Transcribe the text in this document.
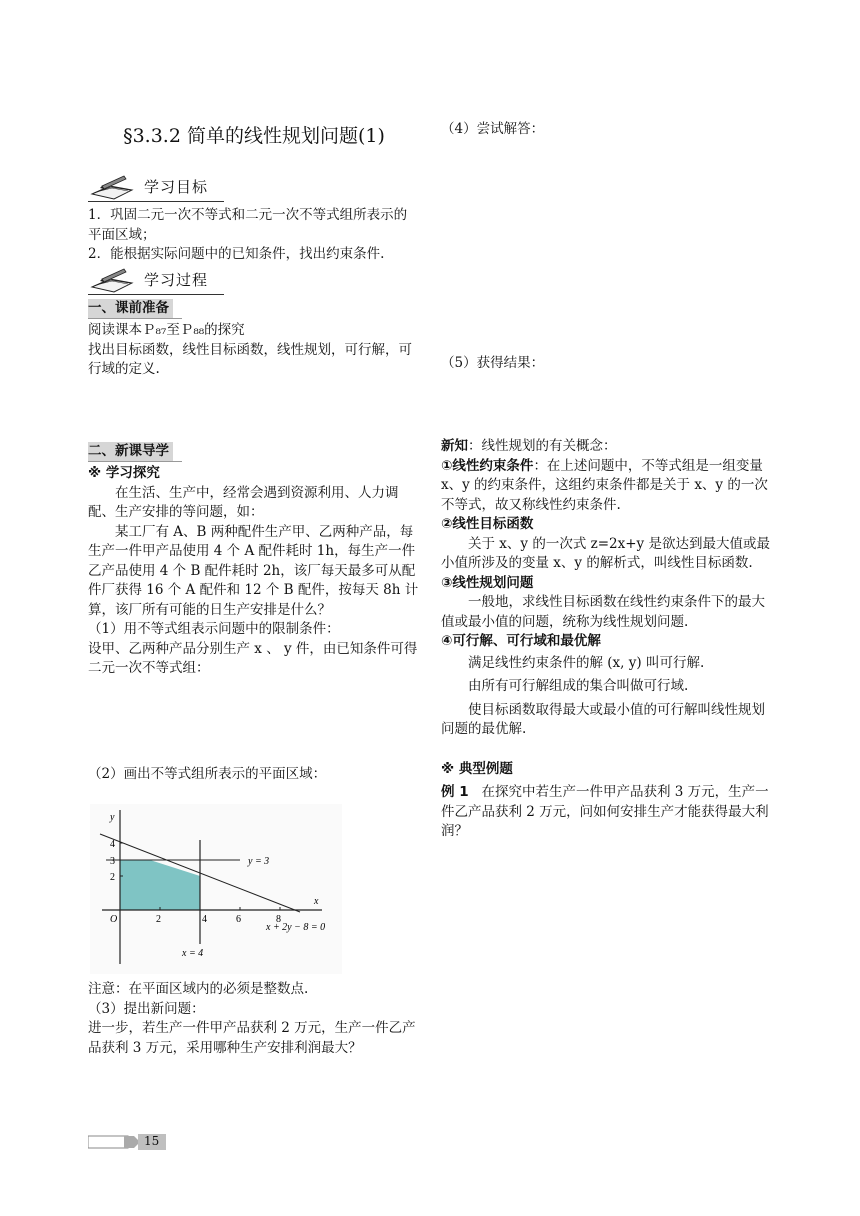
§3.3.2 简单的线性规划问题(1)
学习目标

1．巩固二元一次不等式和二元一次不等式组所表示的平面区域；

2．能根据实际问题中的已知条件，找出约束条件.

学习过程
一、课前准备

阅读课本Ｐ₈₇至Ｐ₈₈的探究

找出目标函数，线性目标函数，线性规划，可行解，可行域的定义.

二、新课导学

※ 学习探究

在生活、生产中，经常会遇到资源利用、人力调配、生产安排的等问题，如：

某工厂有 A、B 两种配件生产甲、乙两种产品，每生产一件甲产品使用 4 个 A 配件耗时 1h，每生产一件乙产品使用 4 个 B 配件耗时 2h，该厂每天最多可从配件厂获得 16 个 A 配件和 12 个 B 配件，按每天 8h 计算，该厂所有可能的日生产安排是什么？

（1）用不等式组表示问题中的限制条件：

设甲、乙两种产品分别生产 x 、 y 件，由已知条件可得二元一次不等式组：

（2）画出不等式组所表示的平面区域：

y
x
O
4
3
2
2	4	6	8
y = 3
x = 4
x + 2y − 8 = 0

注意：在平面区域内的必须是整数点.

（3）提出新问题：

进一步，若生产一件甲产品获利 2 万元，生产一件乙产品获利 3 万元，采用哪种生产安排利润最大？

（4）尝试解答：

（5）获得结果：

新知：线性规划的有关概念：

①线性约束条件：在上述问题中，不等式组是一组变量 x、y 的约束条件，这组约束条件都是关于 x、y 的一次不等式，故又称线性约束条件.

②线性目标函数

关于 x、y 的一次式 z=2x+y 是欲达到最大值或最小值所涉及的变量 x、y 的解析式，叫线性目标函数.

③线性规划问题

一般地，求线性目标函数在线性约束条件下的最大值或最小值的问题，统称为线性规划问题.

④可行解、可行域和最优解

满足线性约束条件的解 (x, y) 叫可行解.

由所有可行解组成的集合叫做可行域.

使目标函数取得最大或最小值的可行解叫线性规划问题的最优解.

※ 典型例题

例 1 在探究中若生产一件甲产品获利 3 万元，生产一件乙产品获利 2 万元，问如何安排生产才能获得最大利润？

15
